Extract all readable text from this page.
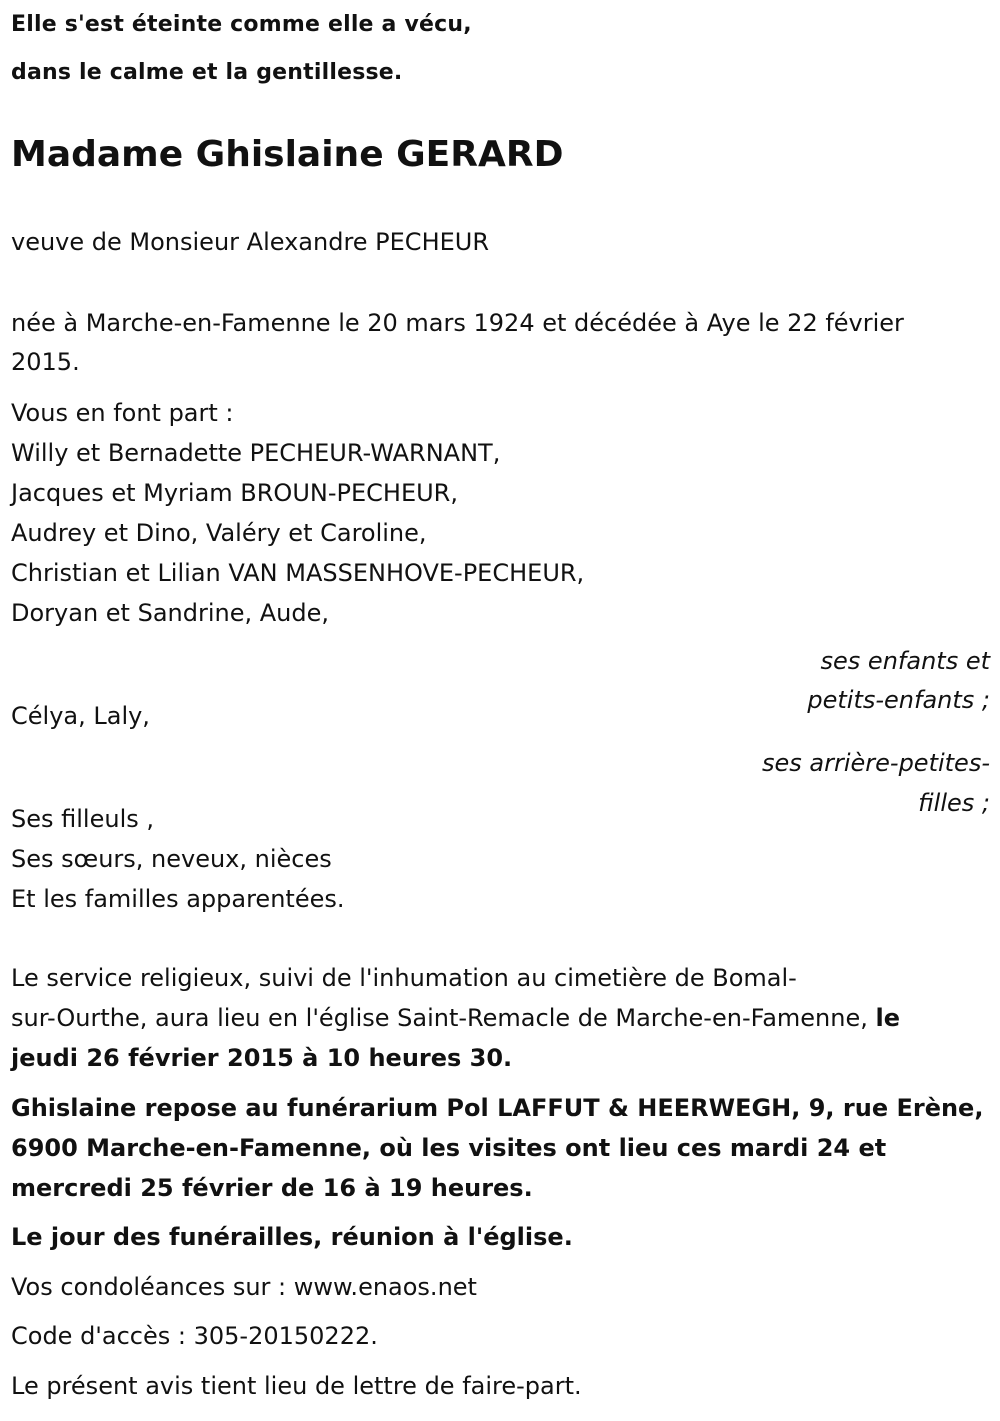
Elle s'est éteinte comme elle a vécu,

dans le calme et la gentillesse.

Madame Ghislaine GERARD

veuve de Monsieur Alexandre PECHEUR

née à Marche-en-Famenne le 20 mars 1924 et décédée à Aye le 22 février

2015.

Vous en font part :

Willy et Bernadette PECHEUR-WARNANT,

Jacques et Myriam BROUN-PECHEUR,

Audrey et Dino, Valéry et Caroline,

Christian et Lilian VAN MASSENHOVE-PECHEUR,

Doryan et Sandrine, Aude,

ses enfants et

petits-enfants ;

Célya, Laly,

ses arrière-petites-

filles ;

Ses filleuls ,

Ses sœurs, neveux, nièces

Et les familles apparentées.

Le service religieux, suivi de l'inhumation au cimetière de Bomal-

sur-Ourthe, aura lieu en l'église Saint-Remacle de Marche-en-Famenne, le

jeudi 26 février 2015 à 10 heures 30.

Ghislaine repose au funérarium Pol LAFFUT & HEERWEGH, 9, rue Erène,

6900 Marche-en-Famenne, où les visites ont lieu ces mardi 24 et

mercredi 25 février de 16 à 19 heures.

Le jour des funérailles, réunion à l'église.

Vos condoléances sur : www.enaos.net

Code d'accès : 305-20150222.

Le présent avis tient lieu de lettre de faire-part.
